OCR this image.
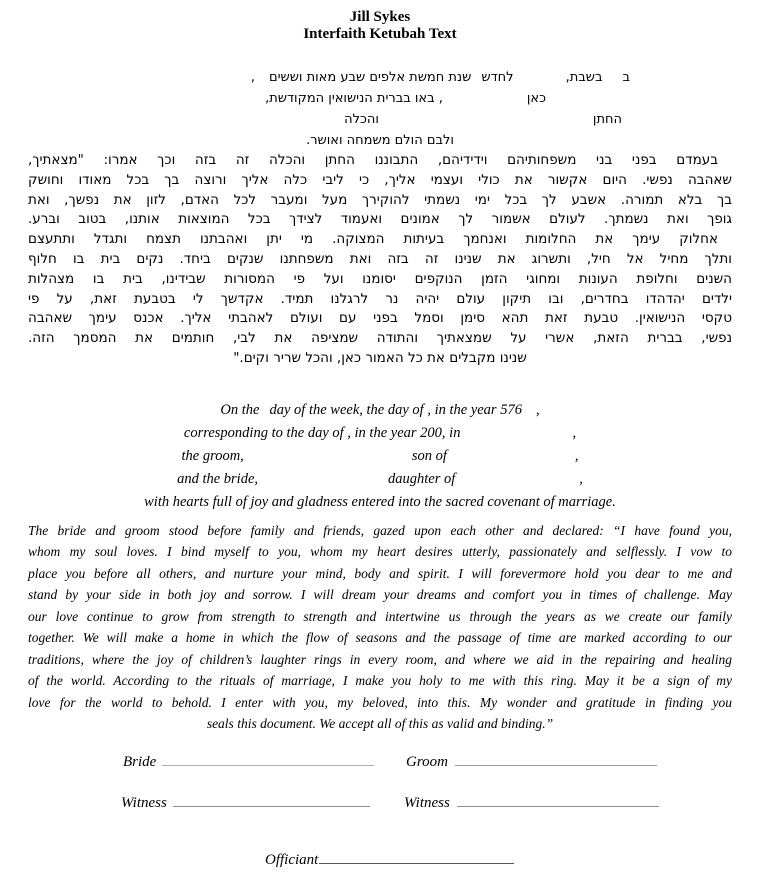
Jill Sykes
Interfaith Ketubah Text
בבשבת,לחדששנת חמשת אלפים שבע מאות וששים,
כאן, באו בברית הנישואין המקודשת,
החתןוהכלה
ולבם הולם משמחה ואושר.
בעמדם בפני בני משפחותיהם וידידיהם, התבוננו החתן והכלה זה בזה וכך אמרו: "מצאתיך,
שאהבה נפשי. היום אקשור את כולי ועצמי אליך, כי ליבי כלה אליך ורוצה בך בכל מאודו וחושק
בך בלא תמורה. אשבע לך בכל ימי נשמתי להוקירך מעל ומעבר לכל האדם, לזון את נפשך, ואת
גופך ואת נשמתך. לעולם אשמור לך אמונים ואעמוד לצידך בכל המוצאות אותנו, בטוב וברע.
אחלוק עימך את החלומות ואנחמך בעיתות המצוקה. מי יתן ואהבתנו תצמח ותגדל ותתעצם
ותלך מחיל אל חיל, ותשרוג את שנינו זה בזה ואת משפחתנו שנקים ביחד. נקים בית בו חלוף
השנים וחלופת העונות ומחוגי הזמן הנוקפים יסומנו ועל פי המסורות שבידינו, בית בו מצהלות
ילדים יהדהדו בחדרים, ובו תיקון עולם יהיה נר לרגלנו תמיד. אקדשך לי בטבעת זאת, על פי
טקסי הנישואין. טבעת זאת תהא סימן וסמל בפני עם ועולם לאהבתי אליך. אכנס עימך שאהבה
נפשי, בברית הזאת, אשרי על שמצאתיך והתודה שמציפה את לבי, חותמים את המסמך הזה.
שנינו מקבלים את כל האמור כאן, והכל שריר וקים."
On the day of the week, the day of , in the year 576 ,
corresponding to the day of , in the year 200, in	,
the groom,	son of	,
and the bride,	daughter of	,
with hearts full of joy and gladness entered into the sacred covenant of marriage.
The bride and groom stood before family and friends, gazed upon each other and declared: “I have found you,
whom my soul loves. I bind myself to you, whom my heart desires utterly, passionately and selflessly. I vow to
place you before all others, and nurture your mind, body and spirit. I will forevermore hold you dear to me and
stand by your side in both joy and sorrow. I will dream your dreams and comfort you in times of challenge. May
our love continue to grow from strength to strength and intertwine us through the years as we create our family
together. We will make a home in which the flow of seasons and the passage of time are marked according to our
traditions, where the joy of children’s laughter rings in every room, and where we aid in the repairing and healing
of the world. According to the rituals of marriage, I make you holy to me with this ring. May it be a sign of my
love for the world to behold. I enter with you, my beloved, into this. My wonder and gratitude in finding you
seals this document. We accept all of this as valid and binding.”
Bride	Groom
Witness	Witness
Officiant
